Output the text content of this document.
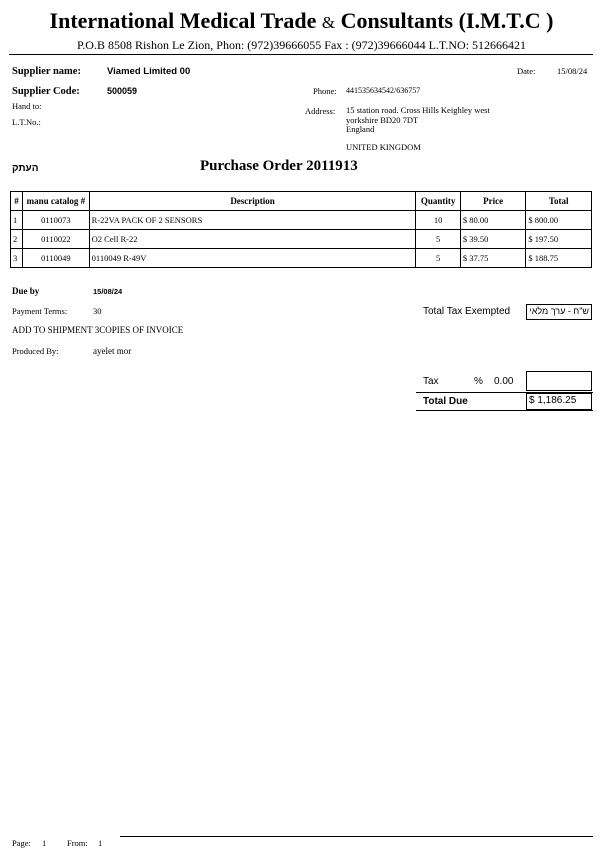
International Medical Trade & Consultants (I.M.T.C )
P.O.B 8508 Rishon Le Zion, Phon: (972)39666055 Fax : (972)39666044 L.T.NO: 512666421
Supplier name:	Viamed Limited 00
Supplier Code:	500059
Hand to:
L.T.No.:
Date:	15/08/24
Phone: 441535634542/636757
Address: 15 station road. Cross Hills Keighley west
yorkshire BD20 7DT
England
UNITED KINGDOM
העתק	Purchase Order 2011913
#	manu catalog #	Description	Quantity	Price	Total
1	0110073	R-22VA PACK OF 2 SENSORS	10	$ 80.00	$ 800.00
2	0110022	O2 Cell R-22	5	$ 39.50	$ 197.50
3	0110049	0110049 R-49V	5	$ 37.75	$ 188.75
Due by	15/08/24
Payment Terms:	30
ADD TO SHIPMENT 3COPIES OF INVOICE
Produced By:	ayelet mor
Total Tax Exempted	ש"ח - ערך מלאי
Tax	% 0.00
Total Due	$ 1,186.25
Page: 1 From: 1
